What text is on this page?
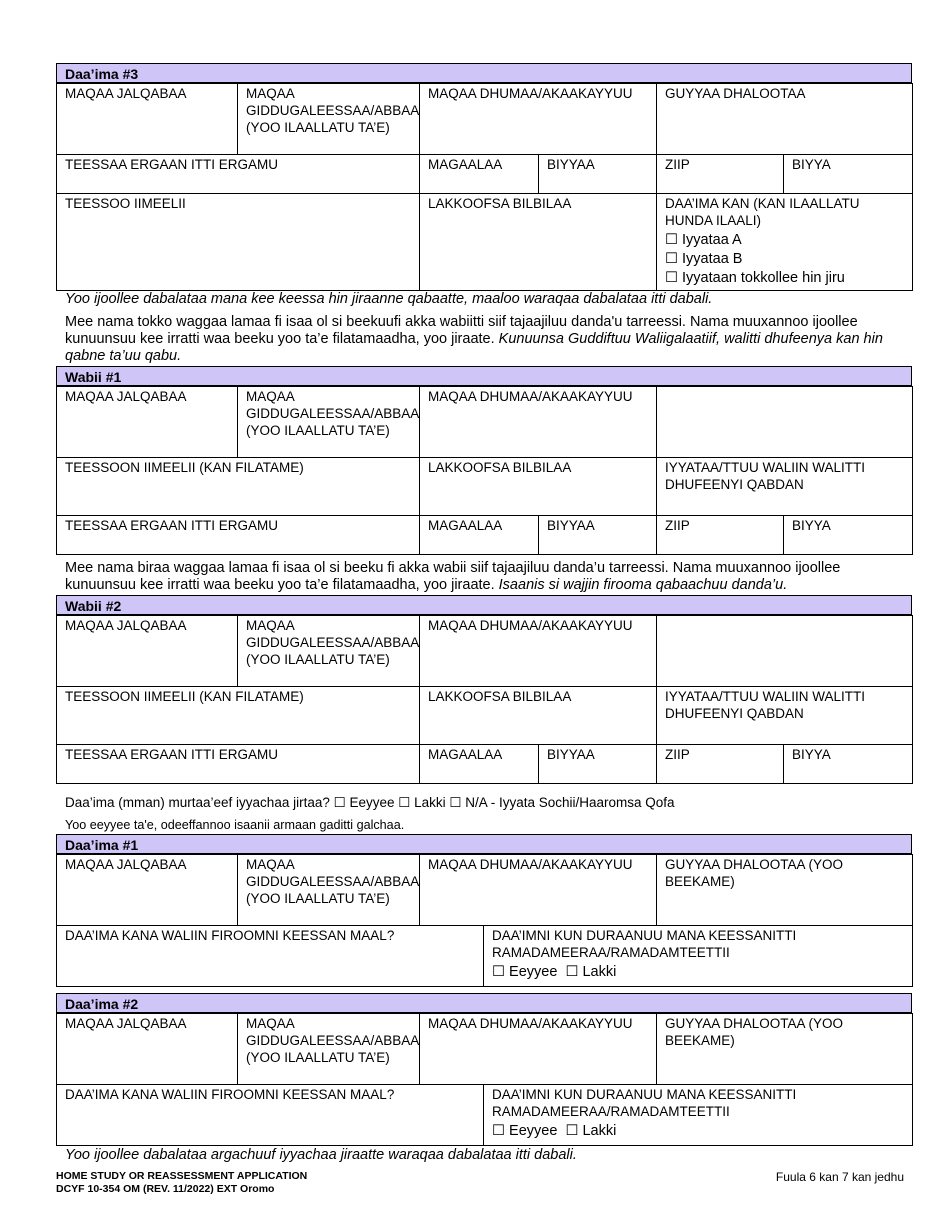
Daa’ima #3
MAQAA JALQABAA	MAQAA GIDDUGALEESSAA/ABBAA (YOO ILAALLATU TA’E)	MAQAA DHUMAA/AKAAKAYYUU		GUYYAA DHALOOTAA	
TEESSAA ERGAAN ITTI ERGAMU		MAGAALAA	BIYYAA	ZIIP	BIYYA
TEESSOO IIMEELII		LAKKOOFSA BILBILAA		DAA’IMA KAN (KAN ILAALLATU HUNDA ILAALI)
☐ Iyyataa A
☐ Iyyataa B
☐ Iyyataan tokkollee hin jiru	
Yoo ijoollee dabalataa mana kee keessa hin jiraanne qabaatte, maaloo waraqaa dabalataa itti dabali.
Mee nama tokko waggaa lamaa fi isaa ol si beekuufi akka wabiitti siif tajaajiluu danda'u tarreessi. Nama muuxannoo ijoollee kunuunsuu kee irratti waa beeku yoo ta’e filatamaadha, yoo jiraate. Kunuunsa Guddiftuu Waliigalaatiif, walitti dhufeenya kan hin qabne ta’uu qabu.
Wabii #1
MAQAA JALQABAA	MAQAA GIDDUGALEESSAA/ABBAA (YOO ILAALLATU TA’E)	MAQAA DHUMAA/AKAAKAYYUU			
TEESSOON IIMEELII (KAN FILATAME)		LAKKOOFSA BILBILAA		IYYATAA/TTUU WALIIN WALITTI DHUFEENYI QABDAN	
TEESSAA ERGAAN ITTI ERGAMU		MAGAALAA	BIYYAA	ZIIP	BIYYA
Mee nama biraa waggaa lamaa fi isaa ol si beeku fi akka wabii siif tajaajiluu danda’u tarreessi. Nama muuxannoo ijoollee kunuunsuu kee irratti waa beeku yoo ta’e filatamaadha, yoo jiraate. Isaanis si wajjin firooma qabaachuu danda’u.
Wabii #2
MAQAA JALQABAA	MAQAA GIDDUGALEESSAA/ABBAA (YOO ILAALLATU TA’E)	MAQAA DHUMAA/AKAAKAYYUU			
TEESSOON IIMEELII (KAN FILATAME)		LAKKOOFSA BILBILAA		IYYATAA/TTUU WALIIN WALITTI DHUFEENYI QABDAN	
TEESSAA ERGAAN ITTI ERGAMU		MAGAALAA	BIYYAA	ZIIP	BIYYA
Daa’ima (mman) murtaa’eef iyyachaa jirtaa? ☐ Eeyyee ☐ Lakki ☐ N/A - Iyyata Sochii/Haaromsa Qofa
Yoo eeyyee ta'e, odeeffannoo isaanii armaan gaditti galchaa.
Daa’ima #1
MAQAA JALQABAA	MAQAA GIDDUGALEESSAA/ABBAA (YOO ILAALLATU TA’E)	MAQAA DHUMAA/AKAAKAYYUU		GUYYAA DHALOOTAA (YOO BEEKAME)
DAA’IMA KANA WALIIN FIROOMNI KEESSAN MAAL?			DAA’IMNI KUN DURAANUU MANA KEESSANITTI RAMADAMEERAA/RAMADAMTEETTII
☐ Eeyyee ☐ Lakki	
Daa’ima #2
MAQAA JALQABAA	MAQAA GIDDUGALEESSAA/ABBAA (YOO ILAALLATU TA’E)	MAQAA DHUMAA/AKAAKAYYUU		GUYYAA DHALOOTAA (YOO BEEKAME)
DAA’IMA KANA WALIIN FIROOMNI KEESSAN MAAL?			DAA’IMNI KUN DURAANUU MANA KEESSANITTI RAMADAMEERAA/RAMADAMTEETTII
☐ Eeyyee ☐ Lakki	
Yoo ijoollee dabalataa argachuuf iyyachaa jiraatte waraqaa dabalataa itti dabali.
HOME STUDY OR REASSESSMENT APPLICATION
DCYF 10-354 OM (REV. 11/2022) EXT Oromo
Fuula 6 kan 7 kan jedhu
